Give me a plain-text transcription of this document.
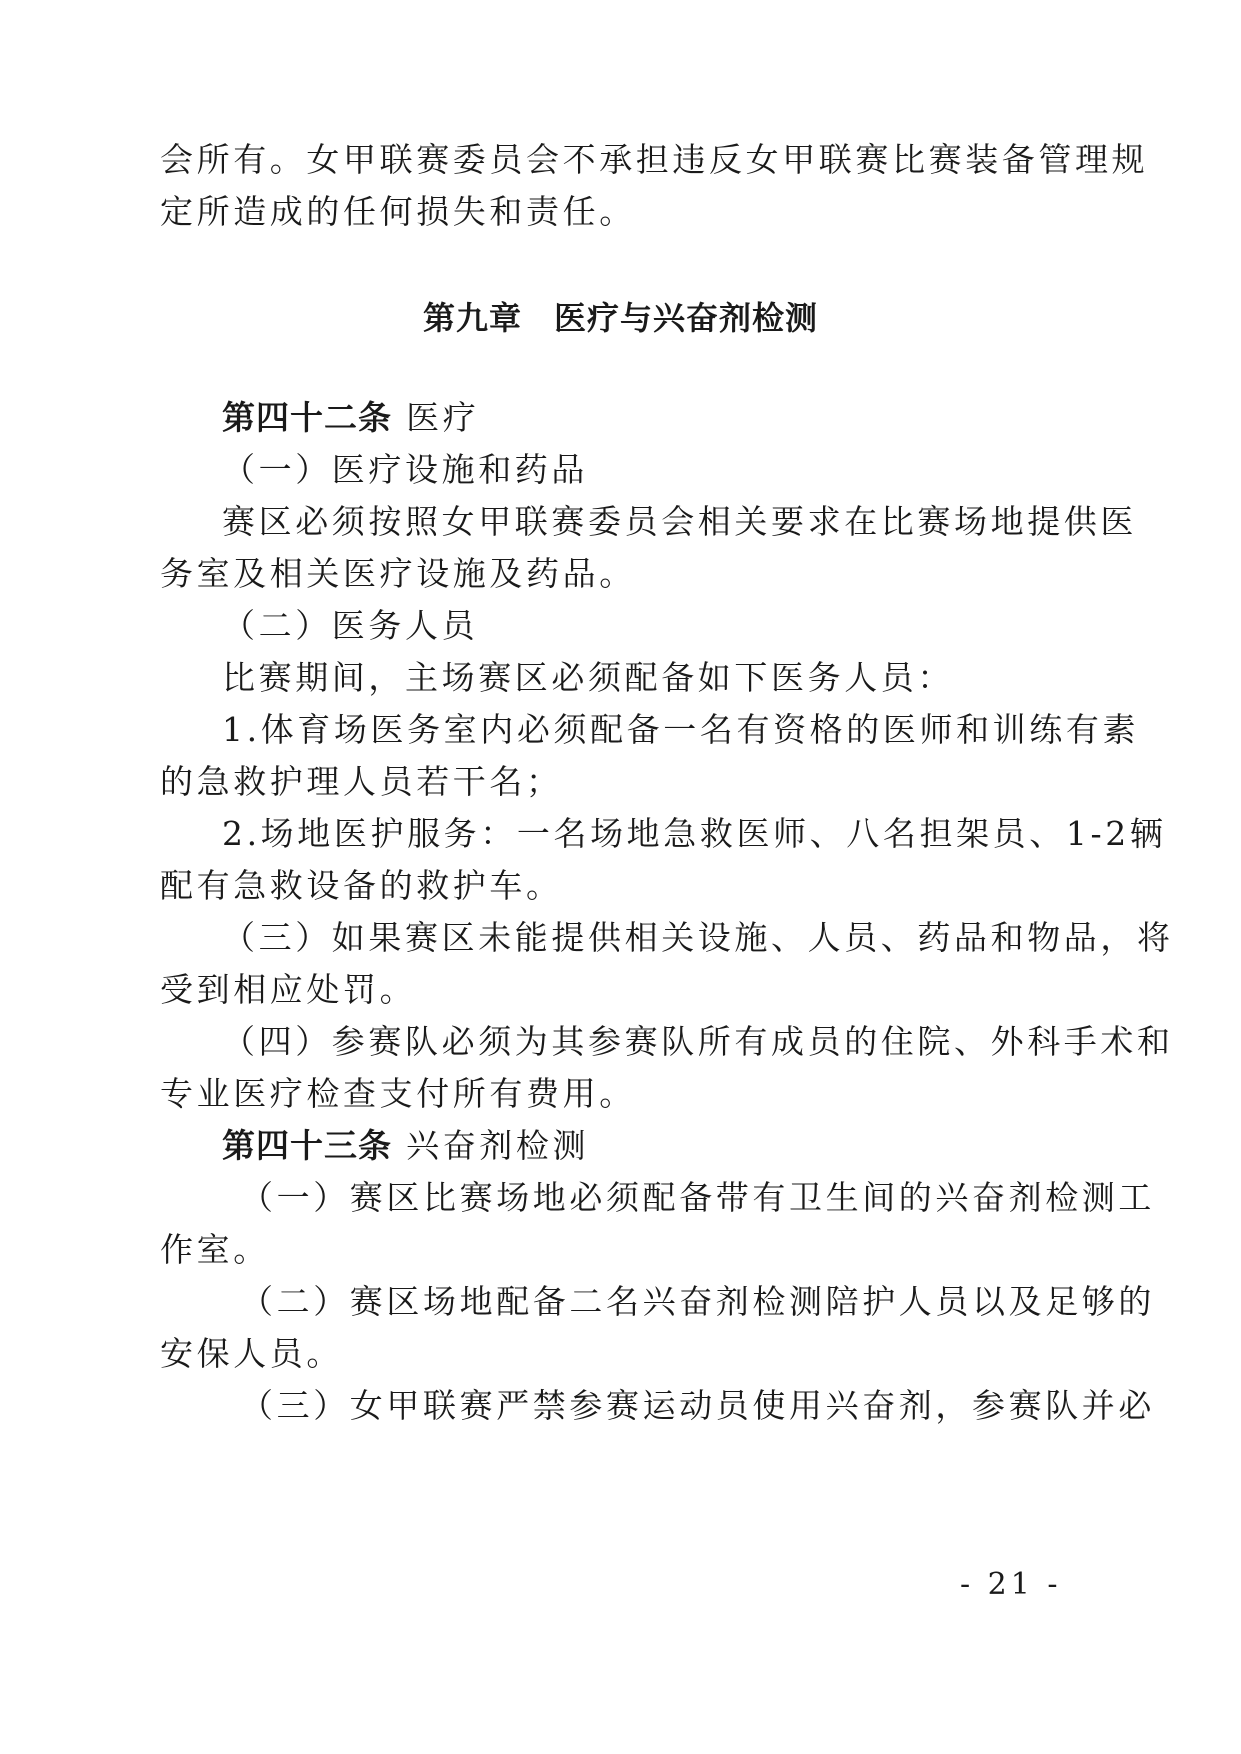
会所有。女甲联赛委员会不承担违反女甲联赛比赛装备管理规
定所造成的任何损失和责任。
第九章 医疗与兴奋剂检测
第四十二条 医疗
（一）医疗设施和药品
赛区必须按照女甲联赛委员会相关要求在比赛场地提供医
务室及相关医疗设施及药品。
（二）医务人员
比赛期间，主场赛区必须配备如下医务人员：
1.体育场医务室内必须配备一名有资格的医师和训练有素
的急救护理人员若干名；
2.场地医护服务：一名场地急救医师、八名担架员、1-2辆
配有急救设备的救护车。
（三）如果赛区未能提供相关设施、人员、药品和物品，将
受到相应处罚。
（四）参赛队必须为其参赛队所有成员的住院、外科手术和
专业医疗检查支付所有费用。
第四十三条 兴奋剂检测
（一）赛区比赛场地必须配备带有卫生间的兴奋剂检测工
作室。
（二）赛区场地配备二名兴奋剂检测陪护人员以及足够的
安保人员。
（三）女甲联赛严禁参赛运动员使用兴奋剂，参赛队并必
- 21 -
